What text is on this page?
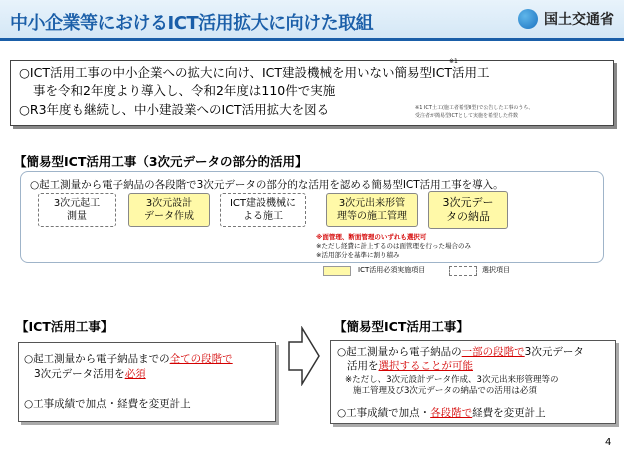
中小企業等におけるICT活用拡大に向けた取組	国土交通省
○ICT活用工事の中小企業への拡大に向け、ICT建設機械を用いない簡易型ICT活用工
事を令和2年度より導入し、令和2年度は110件で実施
○R3年度も継続し、中小建設業へのICT活用拡大を図る
※1
※1 ICT土工(施工者希望Ⅱ型)で公告した工事のうち、
受注者が簡易型ICTとして実施を希望した件数
【簡易型ICT活用工事（3次元データの部分的活用】
○起工測量から電子納品の各段階で3次元データの部分的な活用を認める簡易型ICT活用工事を導入。
3次元起工
測量
3次元設計
データ作成
ICT建設機械に
よる施工
3次元出来形管
理等の施工管理
3次元デー
タの納品
※面管理、断面管理のいずれも選択可
※ただし経費に計上するのは面管理を行った場合のみ
※活用部分を基準に割り積み
ICT活用必須実施項目	選択項目
【ICT活用工事】
○起工測量から電子納品までの全ての段階で
3次元データ活用を必須
○工事成績で加点・経費を変更計上
【簡易型ICT活用工事】
○起工測量から電子納品の一部の段階で3次元データ
活用を選択することが可能
※ただし、3次元設計データ作成、3次元出来形管理等の
施工管理及び3次元データの納品での活用は必須
○工事成績で加点・各段階で経費を変更計上
4
